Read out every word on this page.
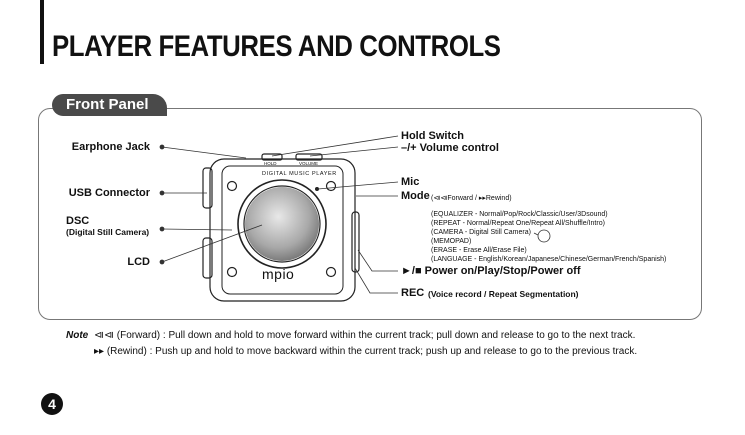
PLAYER FEATURES AND CONTROLS
Front Panel
DIGITAL MUSIC PLAYER
HOLD	VOLUME
mpio
Earphone Jack
USB Connector
DSC
(Digital Still Camera)
LCD
Hold Switch
–/+ Volume control
Mic
Mode (⧏⧏Forward / ▸▸Rewind)
(EQUALIZER - Normal/Pop/Rock/Classic/User/3Dsound)
(REPEAT - Normal/Repeat One/Repeat All/Shuffle/Intro)
(CAMERA - Digital Still Camera)
(MEMOPAD)
(ERASE - Erase All/Erase File)
(LANGUAGE - English/Korean/Japanese/Chinese/German/French/Spanish)
►/■ Power on/Play/Stop/Power off
REC (Voice record / Repeat Segmentation)
Note ⧏⧏ (Forward) : Pull down and hold to move forward within the current track; pull down and release to go to the next track.
▸▸ (Rewind) : Push up and hold to move backward within the current track; push up and release to go to the previous track.
4
